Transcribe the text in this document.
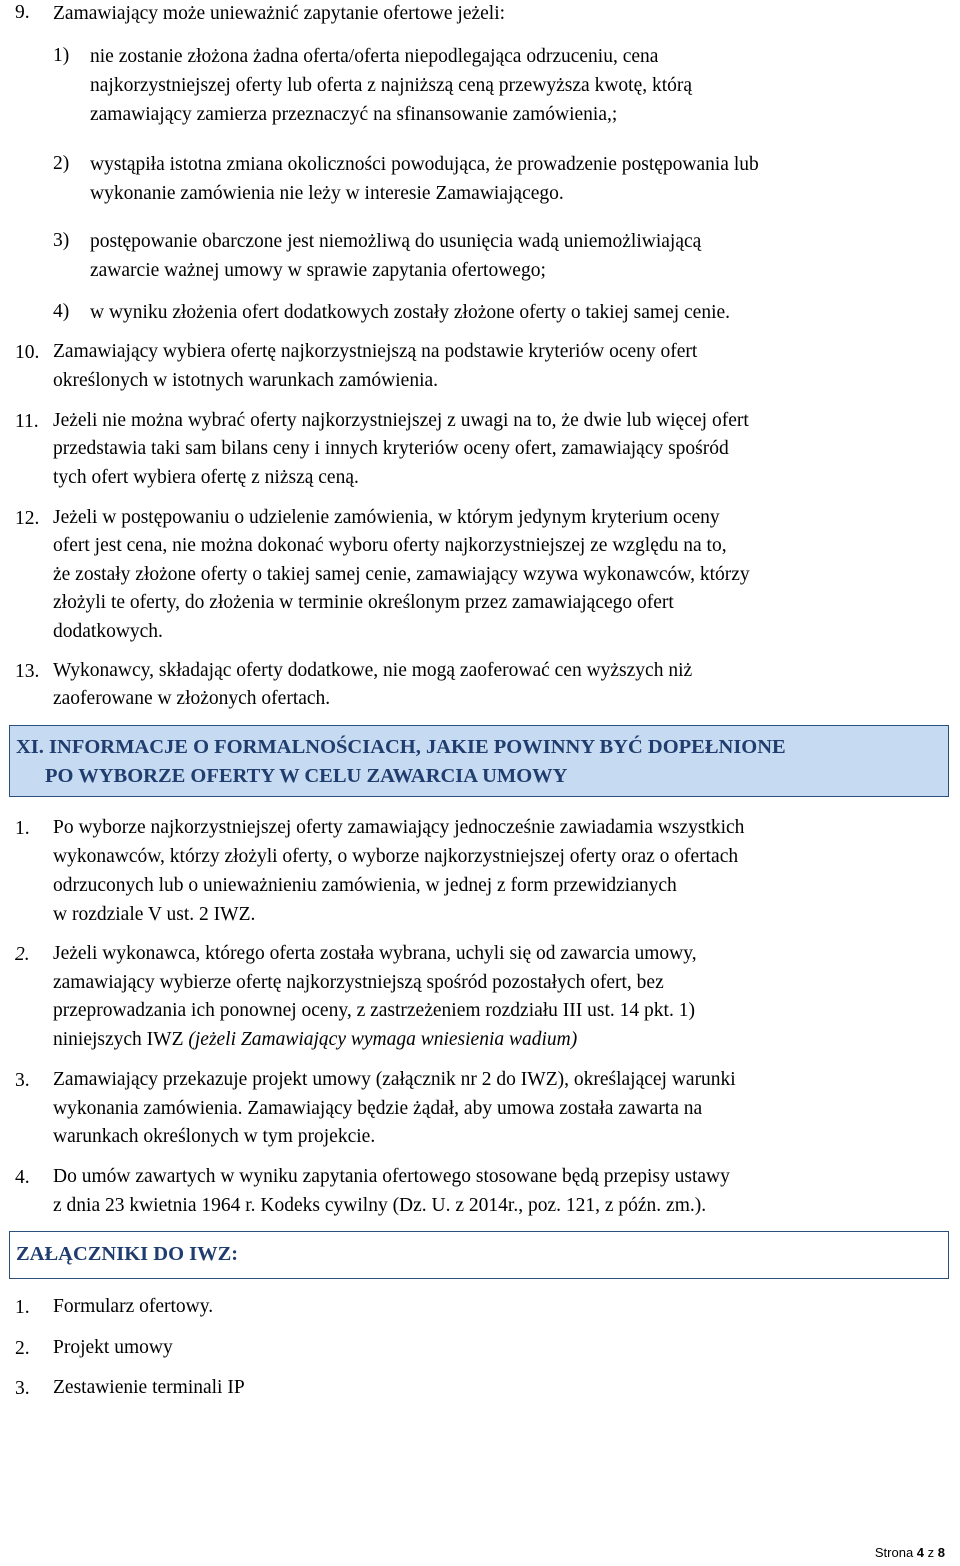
9. Zamawiający może unieważnić zapytanie ofertowe jeżeli:
1) nie zostanie złożona żadna oferta/oferta niepodlegająca odrzuceniu, cena
najkorzystniejszej oferty lub oferta z najniższą ceną przewyższa kwotę, którą
zamawiający zamierza przeznaczyć na sfinansowanie zamówienia,;
2) wystąpiła istotna zmiana okoliczności powodująca, że prowadzenie postępowania lub
wykonanie zamówienia nie leży w interesie Zamawiającego.
3) postępowanie obarczone jest niemożliwą do usunięcia wadą uniemożliwiającą
zawarcie ważnej umowy w sprawie zapytania ofertowego;
4) w wyniku złożenia ofert dodatkowych zostały złożone oferty o takiej samej cenie.
10. Zamawiający wybiera ofertę najkorzystniejszą na podstawie kryteriów oceny ofert
określonych w istotnych warunkach zamówienia.
11. Jeżeli nie można wybrać oferty najkorzystniejszej z uwagi na to, że dwie lub więcej ofert
przedstawia taki sam bilans ceny i innych kryteriów oceny ofert, zamawiający spośród
tych ofert wybiera ofertę z niższą ceną.
12. Jeżeli w postępowaniu o udzielenie zamówienia, w którym jedynym kryterium oceny
ofert jest cena, nie można dokonać wyboru oferty najkorzystniejszej ze względu na to,
że zostały złożone oferty o takiej samej cenie, zamawiający wzywa wykonawców, którzy
złożyli te oferty, do złożenia w terminie określonym przez zamawiającego ofert
dodatkowych.
13. Wykonawcy, składając oferty dodatkowe, nie mogą zaoferować cen wyższych niż
zaoferowane w złożonych ofertach.
XI. INFORMACJE O FORMALNOŚCIACH, JAKIE POWINNY BYĆ DOPEŁNIONE
PO WYBORZE OFERTY W CELU ZAWARCIA UMOWY
1. Po wyborze najkorzystniejszej oferty zamawiający jednocześnie zawiadamia wszystkich
wykonawców, którzy złożyli oferty, o wyborze najkorzystniejszej oferty oraz o ofertach
odrzuconych lub o unieważnieniu zamówienia, w jednej z form przewidzianych
w rozdziale V ust. 2 IWZ.
2. Jeżeli wykonawca, którego oferta została wybrana, uchyli się od zawarcia umowy,
zamawiający wybierze ofertę najkorzystniejszą spośród pozostałych ofert, bez
przeprowadzania ich ponownej oceny, z zastrzeżeniem rozdziału III ust. 14 pkt. 1)
niniejszych IWZ (jeżeli Zamawiający wymaga wniesienia wadium)
3. Zamawiający przekazuje projekt umowy (załącznik nr 2 do IWZ), określającej warunki
wykonania zamówienia. Zamawiający będzie żądał, aby umowa została zawarta na
warunkach określonych w tym projekcie.
4. Do umów zawartych w wyniku zapytania ofertowego stosowane będą przepisy ustawy
z dnia 23 kwietnia 1964 r. Kodeks cywilny (Dz. U. z 2014r., poz. 121, z późn. zm.).
ZAŁĄCZNIKI DO IWZ:
1. Formularz ofertowy.
2. Projekt umowy
3. Zestawienie terminali IP
Strona 4 z 8
